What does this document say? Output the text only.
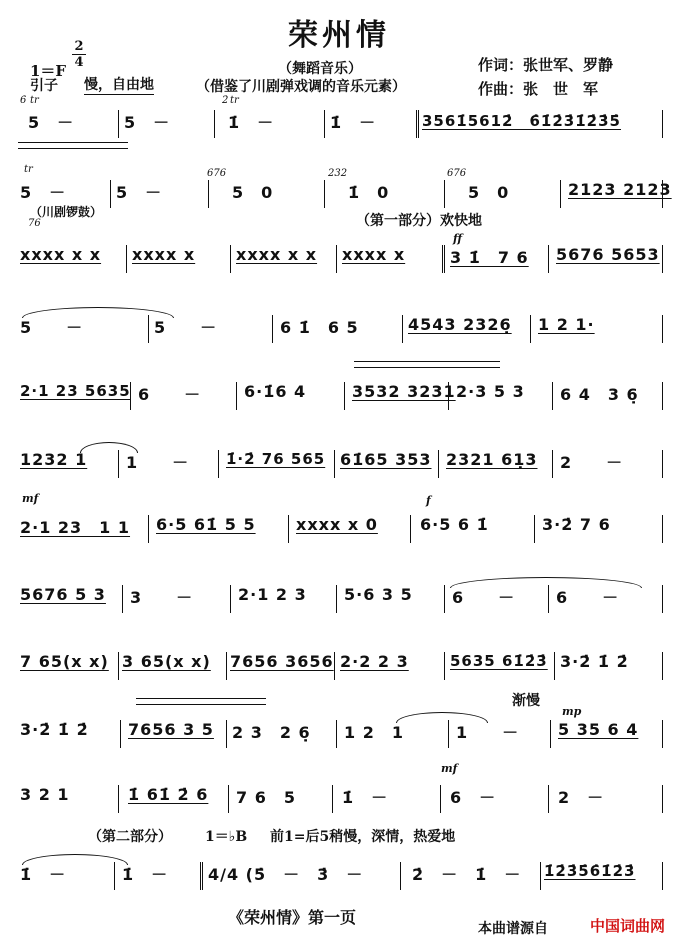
荣州情
1＝F
2
4	（舞蹈音乐）	作词：张世军、罗静
作曲：张　世　军
引子 慢，自由地	（借鉴了川剧弹戏调的音乐元素）
（川剧锣鼓）
（第一部分）欢快地
渐慢
（第二部分） 1＝♭B 前1=后5稍慢，深情，热爱地
ff
mf	f
mp
mf
6̇ tr	2̇ tr
tr	676	232	676
76
5　－	5　－	1̇　－	1̇　－	3561̇5612̇　6̇1̇2̇3̇1̇2̇3̇5̇
5　－	5　－	5　0	1̇　0	5　0	2123 2123
xxxx x x xxxx x	xxxx x x xxxx x	3 1̇　7 6 5676 5653
5　　－	5　　－	6 1̇　6 5	4543 2326̣ 1 2 1·
2·1 23 5635 6　　－	6·1̇6 4	3532 3231 2·3 5 3 6 4　3 6̣
1232 1 1　　－ 1̇·2̇ 76 565 61̇65 353 2321 61̣3 2　　－
2·1 23　1 1 6·5 61̇ 5 5	xxxx x 0	6·5 6 1̇	3·2̇ 7 6
5676 5 3 3　　－	2·1 2 3 5·6 3 5 6　　－	6　　－
7 65(x x) 3 65(x x) 7656 3656 2·2 2 3	5635 61̇2̇3̇ 3·2̇ 1̇ 2̇
3·2̇ 1̇ 2̇ 7656 3 5 2 3　2 6̣ 1 2　1	1　　－ 5 35 6 4
3 2 1	1̇ 61̇ 2̇ 6 7 6　5	1̇　－	6　－	2　－
1̇　－	1̇　－ 4/4 (5̇　－　3̇　－	2̇　－　1̇　－ 1̇2̇3̇5̇6̇1̇2̇3̇
《荣州情》第一页
本曲谱源自	中国词曲网
